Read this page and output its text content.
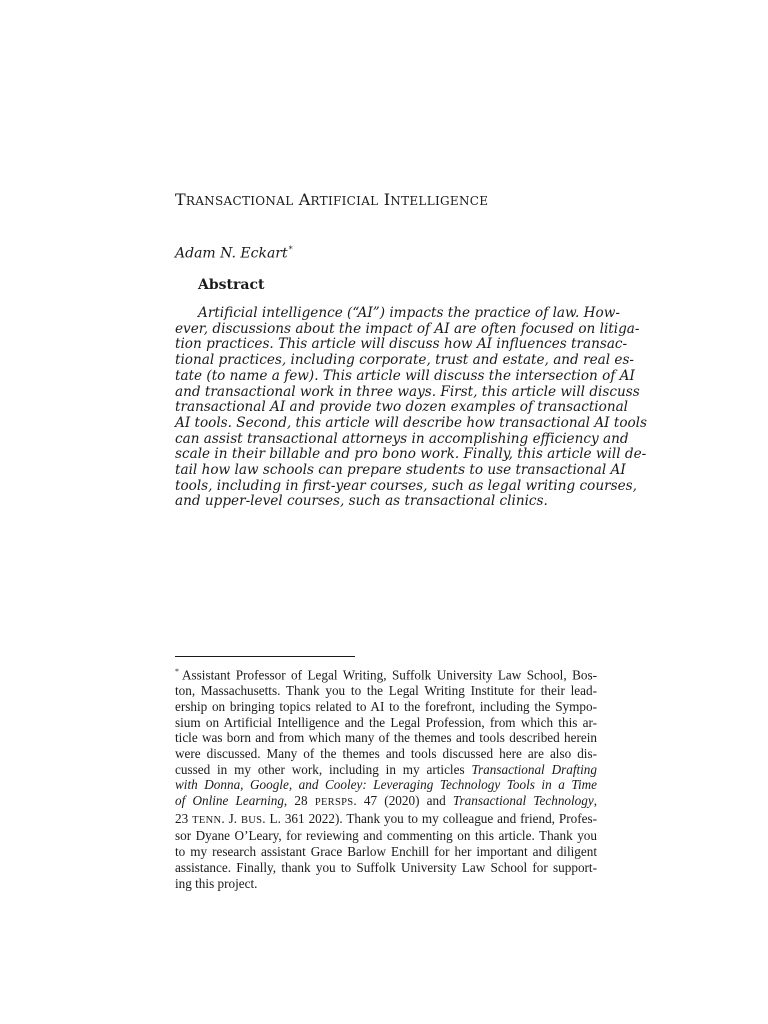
TRANSACTIONAL ARTIFICIAL INTELLIGENCE
Adam N. Eckart*
Abstract
Artificial intelligence (“AI”) impacts the practice of law. How-
ever, discussions about the impact of AI are often focused on litiga-
tion practices. This article will discuss how AI influences transac-
tional practices, including corporate, trust and estate, and real es-
tate (to name a few). This article will discuss the intersection of AI
and transactional work in three ways. First, this article will discuss
transactional AI and provide two dozen examples of transactional
AI tools. Second, this article will describe how transactional AI tools
can assist transactional attorneys in accomplishing efficiency and
scale in their billable and pro bono work. Finally, this article will de-
tail how law schools can prepare students to use transactional AI
tools, including in first-year courses, such as legal writing courses,
and upper-level courses, such as transactional clinics.
* Assistant Professor of Legal Writing, Suffolk University Law School, Bos-
ton, Massachusetts. Thank you to the Legal Writing Institute for their lead-
ership on bringing topics related to AI to the forefront, including the Sympo-
sium on Artificial Intelligence and the Legal Profession, from which this ar-
ticle was born and from which many of the themes and tools described herein
were discussed. Many of the themes and tools discussed here are also dis-
cussed in my other work, including in my articles Transactional Drafting
with Donna, Google, and Cooley: Leveraging Technology Tools in a Time
of Online Learning, 28 PERSPS. 47 (2020) and Transactional Technology,
23 TENN. J. BUS. L. 361 2022). Thank you to my colleague and friend, Profes-
sor Dyane O’Leary, for reviewing and commenting on this article. Thank you
to my research assistant Grace Barlow Enchill for her important and diligent
assistance. Finally, thank you to Suffolk University Law School for support-
ing this project.
